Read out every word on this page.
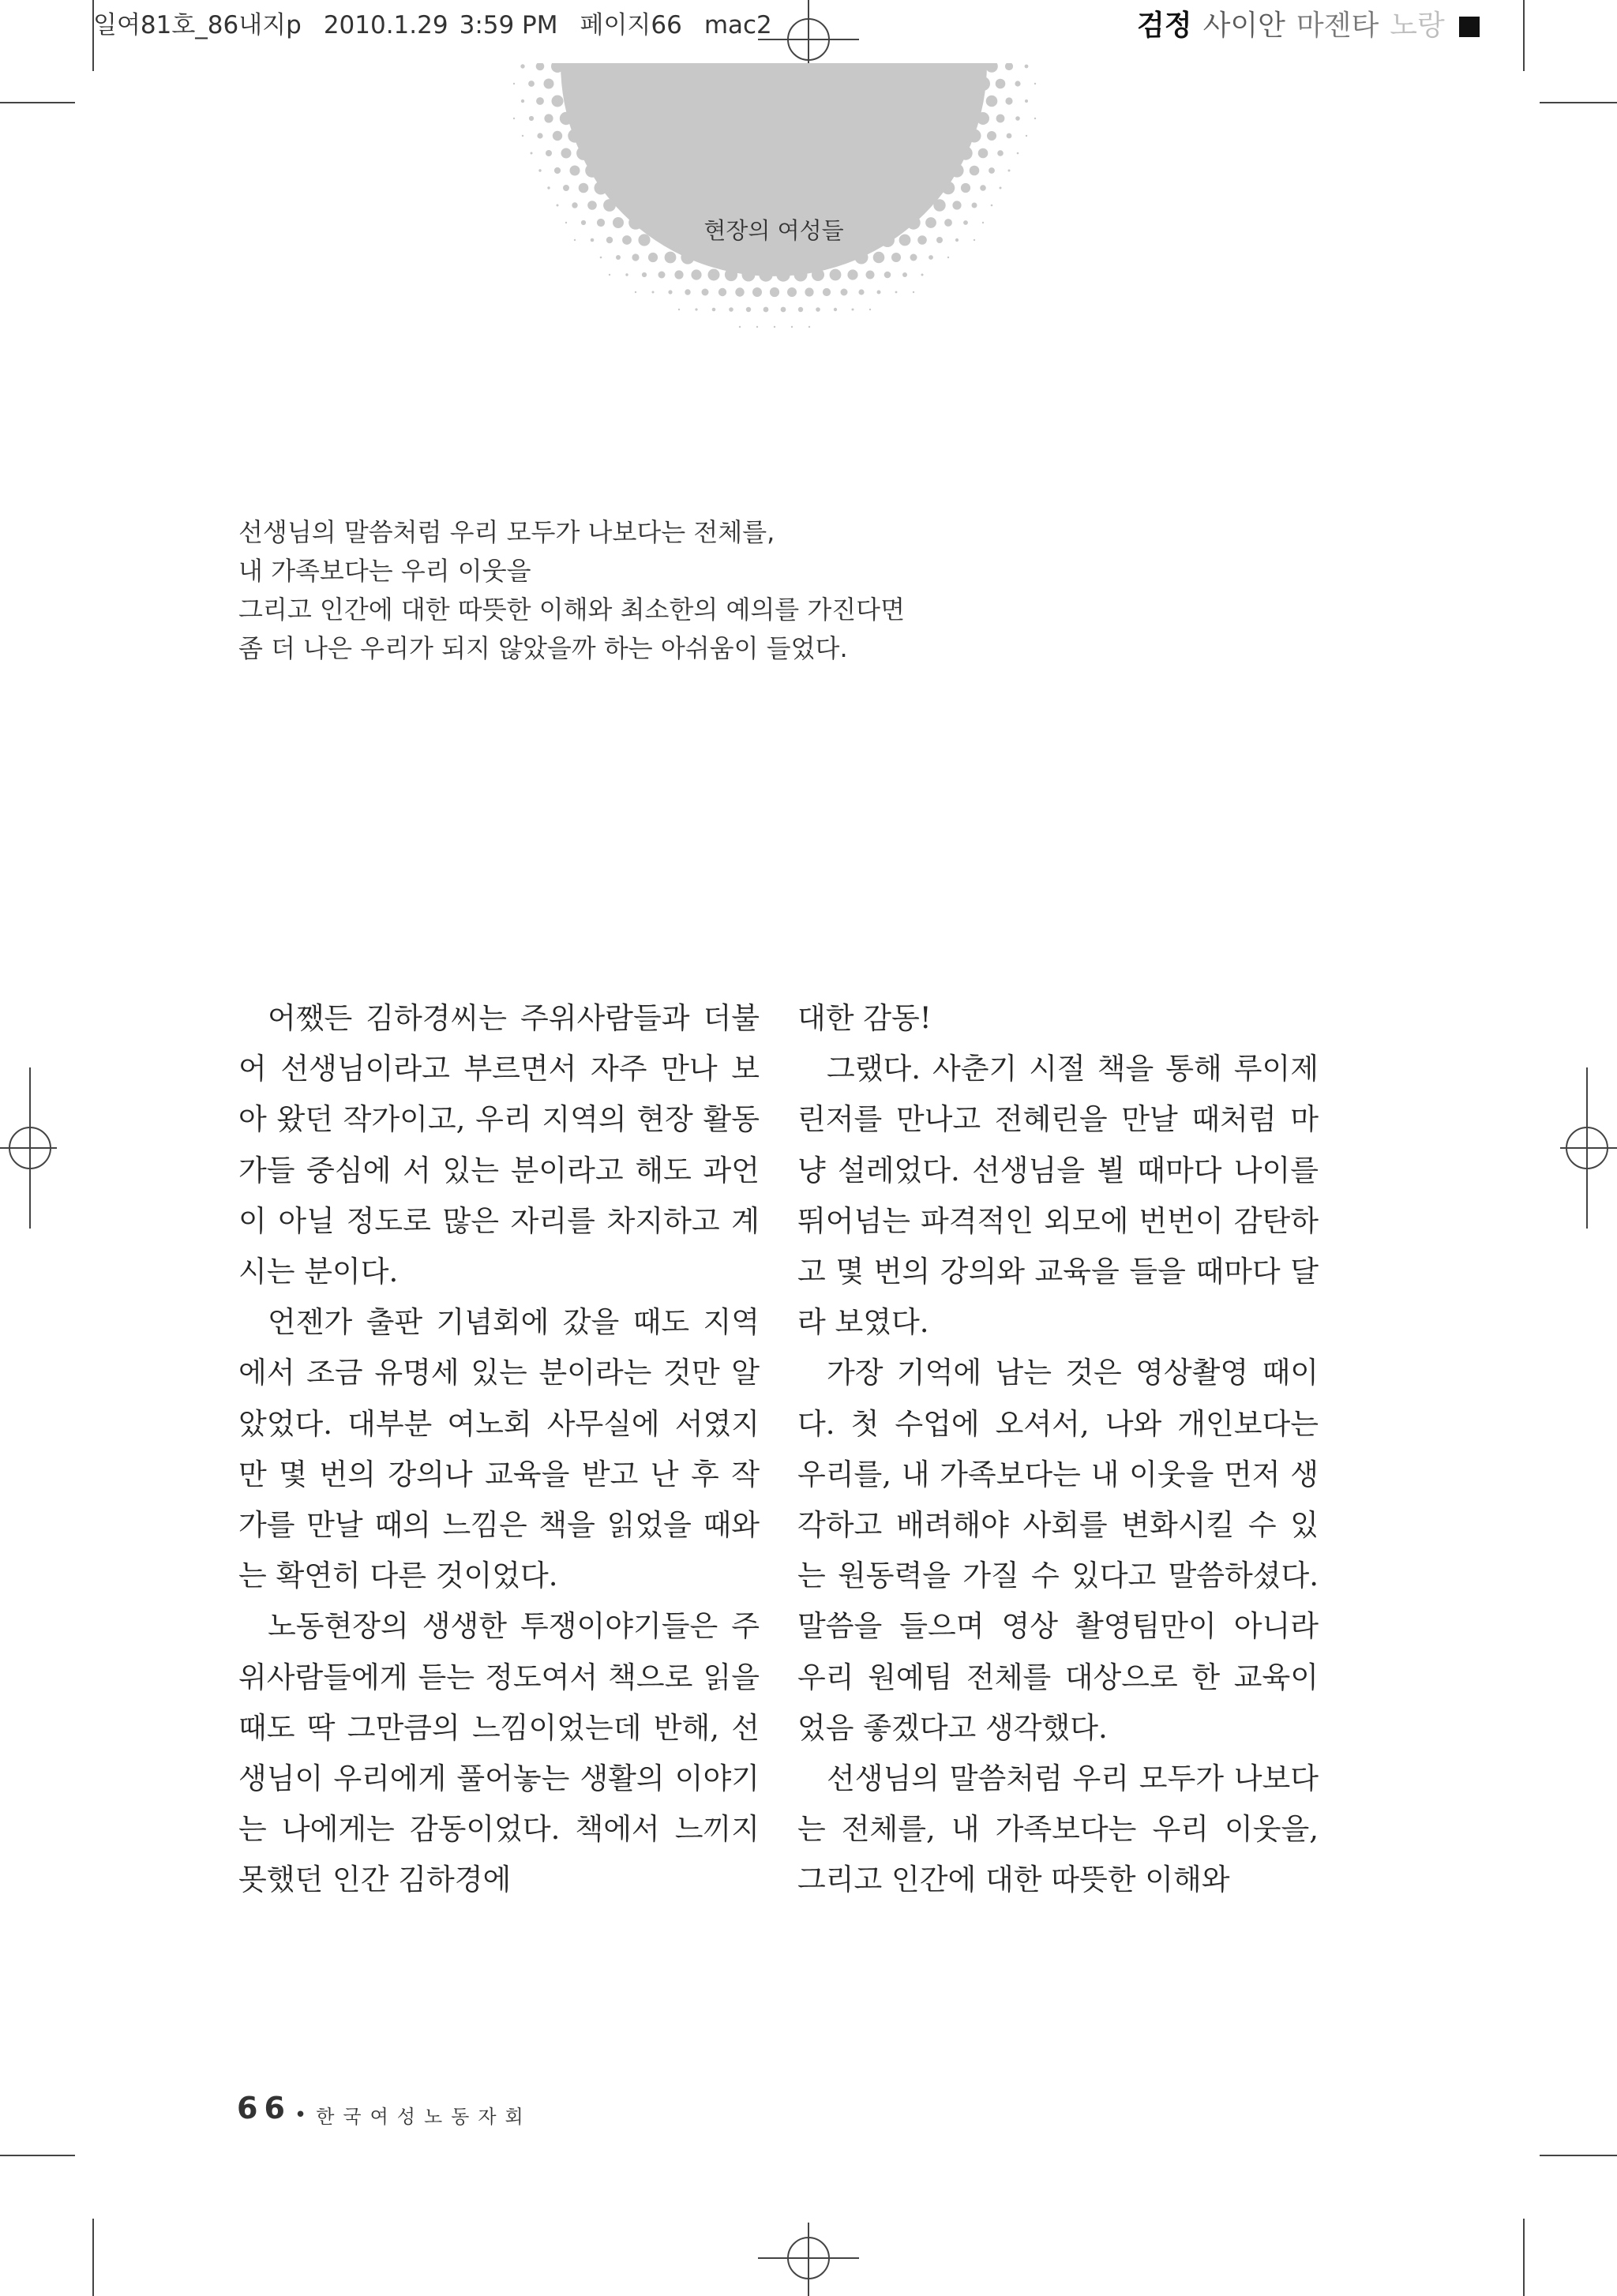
일여81호_86내지p 2010.1.29 3:59 PM 페이지66 mac2	검정 사이안 마젠타 노랑
현장의 여성들
선생님의 말씀처럼 우리 모두가 나보다는 전체를,
내 가족보다는 우리 이웃을
그리고 인간에 대한 따뜻한 이해와 최소한의 예의를 가진다면
좀 더 나은 우리가 되지 않았을까 하는 아쉬움이 들었다.

어쨌든 김하경씨는 주위사람들과 더불어 선생님이라고 부르면서 자주 만나 보아 왔던 작가이고, 우리 지역의 현장 활동가들 중심에 서 있는 분이라고 해도 과언이 아닐 정도로 많은 자리를 차지하고 계시는 분이다.

언젠가 출판 기념회에 갔을 때도 지역에서 조금 유명세 있는 분이라는 것만 알았었다. 대부분 여노회 사무실에 서였지만 몇 번의 강의나 교육을 받고 난 후 작가를 만날 때의 느낌은 책을 읽었을 때와는 확연히 다른 것이었다.

노동현장의 생생한 투쟁이야기들은 주위사람들에게 듣는 정도여서 책으로 읽을 때도 딱 그만큼의 느낌이었는데 반해, 선생님이 우리에게 풀어놓는 생활의 이야기는 나에게는 감동이었다. 책에서 느끼지 못했던 인간 김하경에

대한 감동!

그랬다. 사춘기 시절 책을 통해 루이제 린저를 만나고 전혜린을 만날 때처럼 마냥 설레었다. 선생님을 뵐 때마다 나이를 뛰어넘는 파격적인 외모에 번번이 감탄하고 몇 번의 강의와 교육을 들을 때마다 달라 보였다.

가장 기억에 남는 것은 영상촬영 때이다. 첫 수업에 오셔서, 나와 개인보다는 우리를, 내 가족보다는 내 이웃을 먼저 생각하고 배려해야 사회를 변화시킬 수 있는 원동력을 가질 수 있다고 말씀하셨다. 말씀을 들으며 영상 촬영팀만이 아니라 우리 원예팀 전체를 대상으로 한 교육이었음 좋겠다고 생각했다.

선생님의 말씀처럼 우리 모두가 나보다는 전체를, 내 가족보다는 우리 이웃을, 그리고 인간에 대한 따뜻한 이해와

66 • 한국여성노동자회
